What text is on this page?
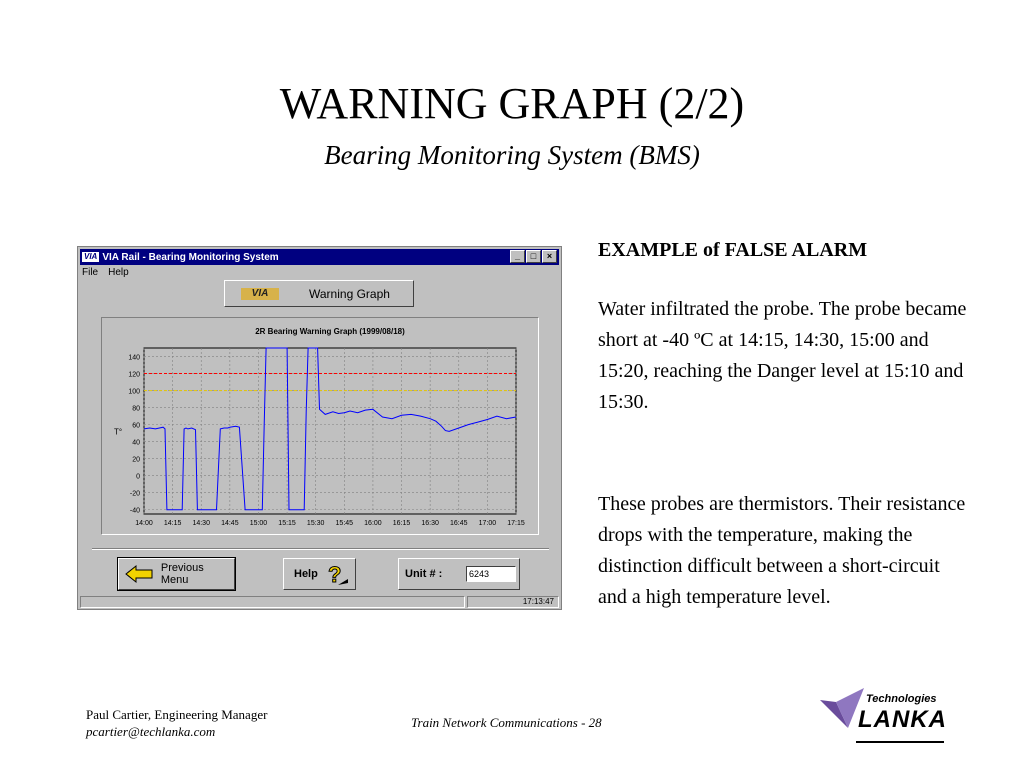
WARNING GRAPH (2/2)
Bearing Monitoring System (BMS)
VIA VIA Rail - Bearing Monitoring System	_	□	×
File Help
VIA	Warning Graph
2R Bearing Warning Graph (1999/08/18)
T°
140
120
100
80
60
40
20
0
-20
-40
14:00 14:15 14:30 14:45 15:00 15:15 15:30 15:45 16:00 16:15 16:30 16:45 17:00 17:15
Previous Menu	Help ?	Unit # :	6243
17:13:47
EXAMPLE of FALSE ALARM
Water infiltrated the probe. The probe became short at -40 ºC at 14:15, 14:30, 15:00 and 15:20, reaching the Danger level at 15:10 and 15:30.
These probes are thermistors. Their resistance drops with the temperature, making the distinction difficult between a short-circuit and a high temperature level.
Paul Cartier, Engineering Manager
pcartier@techlanka.com
Train Network Communications - 28
Technologies
LANKA
